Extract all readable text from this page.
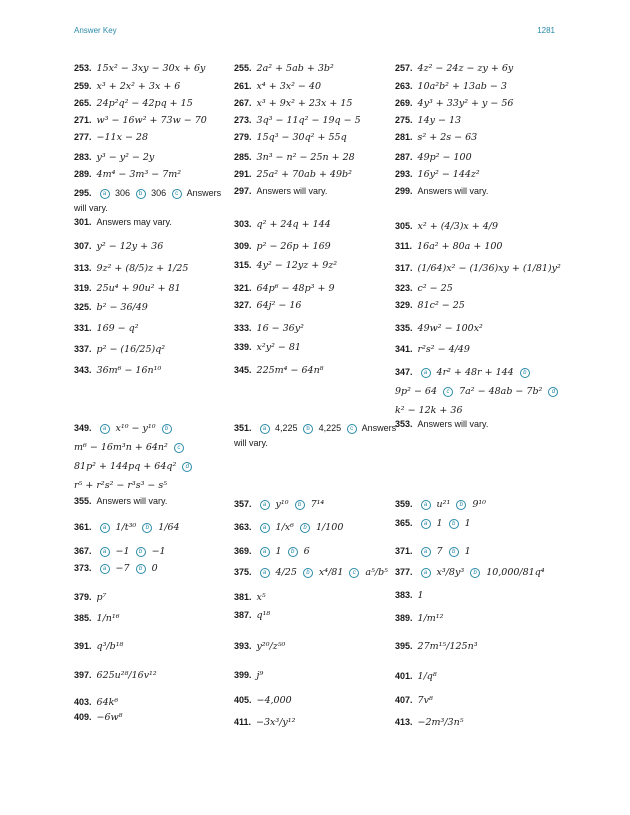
Answer Key	1281
253. 15x² − 3xy − 30x + 6y
259. x³ + 2x² + 3x + 6
265. 24p²q² − 42pq + 15
271. w³ − 16w² + 73w − 70
277. −11x − 28
283. y³ − y² − 2y
289. 4m⁴ − 3m³ − 7m²
295. a 306 b 306 c Answers
will vary.
301. Answers may vary.
307. y² − 12y + 36
313. 9z² + (8/5)z + 1/25
319. 25u⁴ + 90u² + 81
325. b² − 36/49
331. 169 − q²
337. p² − (16/25)q²
343. 36m⁶ − 16n¹⁰
349. a x¹⁰ − y¹⁰ b
m⁶ − 16m³n + 64n² c
81p² + 144pq + 64q² d
r⁵ + r²s² − r³s³ − s⁵
355. Answers will vary.
361. a 1/t³⁰ b 1/64
367. a −1 b −1
373. a −7 b 0
379. p⁷
385. 1/n¹⁶
391. q³/b¹⁸
397. 625u²⁸/16v¹²
403. 64k⁶
409. −6w⁸
255. 2a² + 5ab + 3b²
261. x⁴ + 3x² − 40
267. x³ + 9x² + 23x + 15
273. 3q³ − 11q² − 19q − 5
279. 15q³ − 30q² + 55q
285. 3n³ − n² − 25n + 28
291. 25a² + 70ab + 49b²
297. Answers will vary.
303. q² + 24q + 144
309. p² − 26p + 169
315. 4y² − 12yz + 9z²
321. 64p⁶ − 48p³ + 9
327. 64j² − 16
333. 16 − 36y²
339. x²y² − 81
345. 225m⁴ − 64n⁸
351. a 4,225 b 4,225 c Answers
will vary.
357. a y¹⁰ b 7¹⁴
363. a 1/x⁶ b 1/100
369. a 1 b 6
375. a 4/25 b x⁴/81 c a⁵/b⁵
381. x⁵
387. q¹⁸
393. y²⁰/z⁵⁰
399. j⁹
405. −4,000
411. −3x³/y¹²
257. 4z² − 24z − zy + 6y
263. 10a²b² + 13ab − 3
269. 4y³ + 33y² + y − 56
275. 14y − 13
281. s² + 2s − 63
287. 49p² − 100
293. 16y² − 144z²
299. Answers will vary.
305. x² + (4/3)x + 4/9
311. 16a² + 80a + 100
317. (1/64)x² − (1/36)xy + (1/81)y²
323. c² − 25
329. 81c² − 25
335. 49w² − 100x²
341. r²s² − 4/49
347. a 4r² + 48r + 144 b
9p² − 64 c 7a² − 48ab − 7b² d
k² − 12k + 36
353. Answers will vary.
359. a u²¹ b 9¹⁰
365. a 1 b 1
371. a 7 b 1
377. a x³/8y³ b 10,000/81q⁴
383. 1
389. 1/m¹²
395. 27m¹⁵/125n³
401. 1/q⁸
407. 7v⁸
413. −2m³/3n⁵
